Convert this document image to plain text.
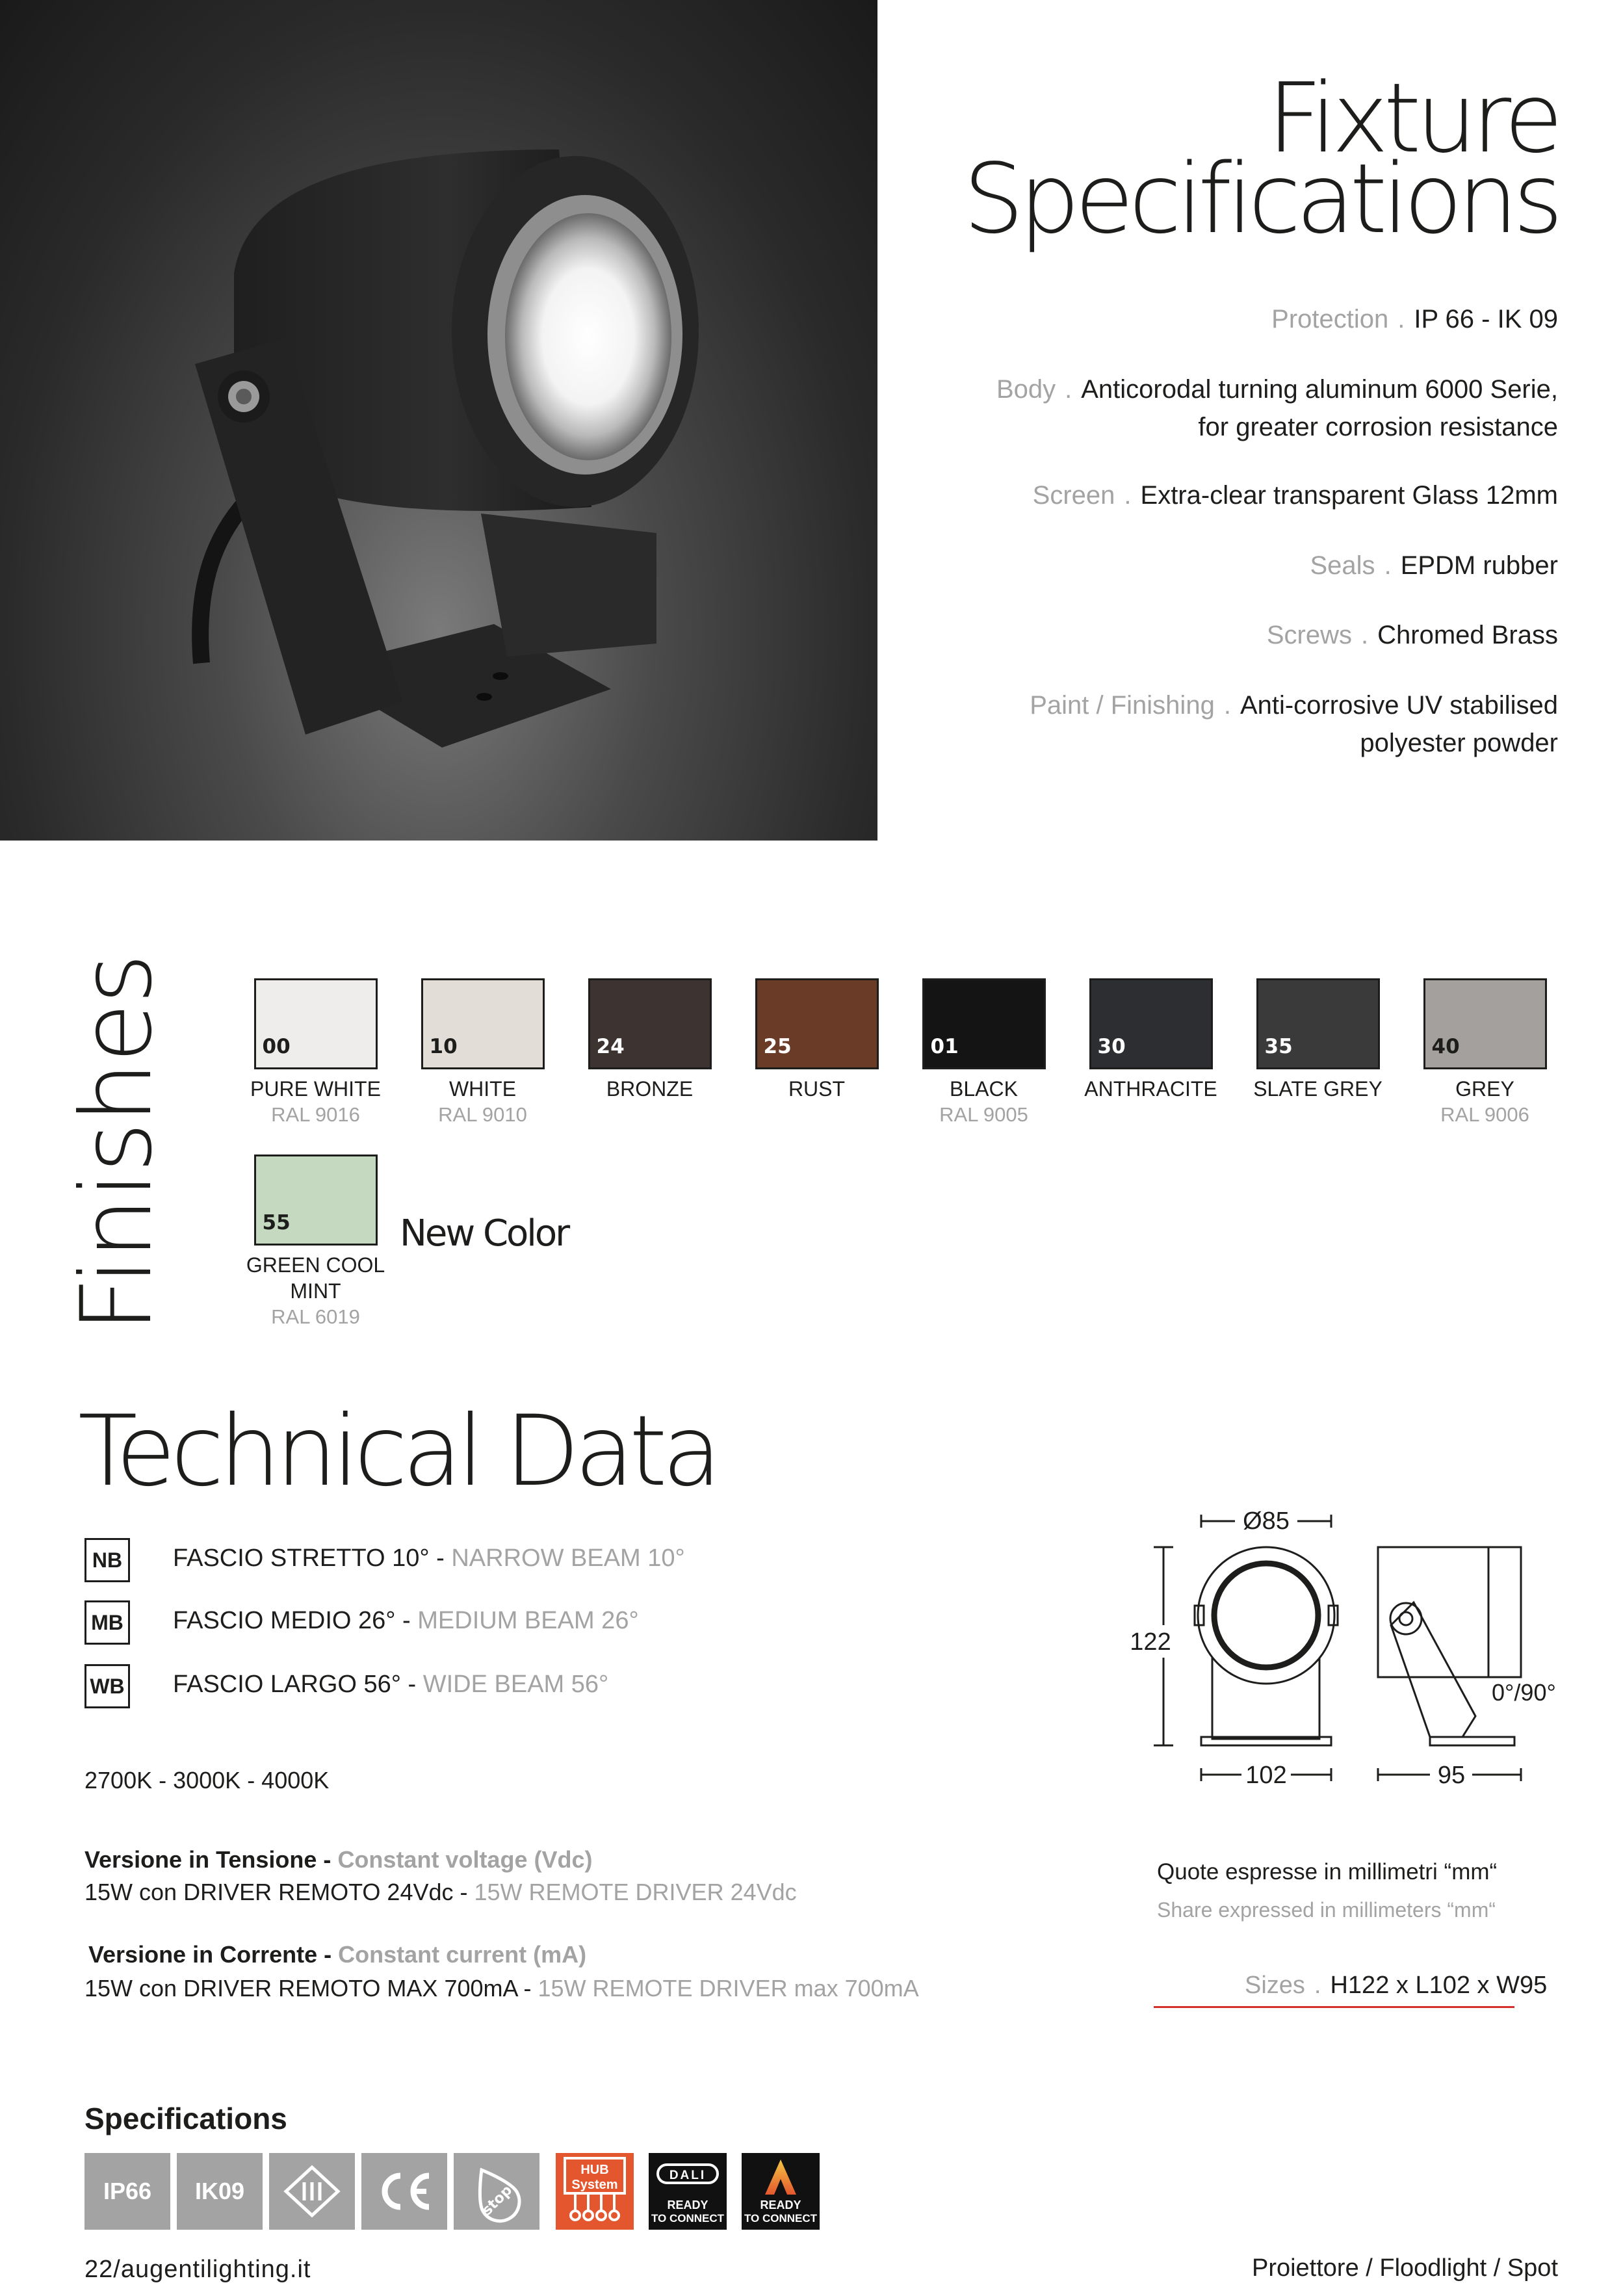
Fixture
Specifications
Protection . IP 66 - IK 09
Body . Anticorodal turning aluminum 6000 Serie,
for greater corrosion resistance
Screen . Extra-clear transparent Glass 12mm
Seals . EPDM rubber
Screws . Chromed Brass
Paint / Finishing . Anti-corrosive UV stabilised
polyester powder
Finishes	00
PURE WHITE
RAL 9016
10
WHITE
RAL 9010
24
BRONZE
25
RUST
01
BLACK
RAL 9005
30
ANTHRACITE
35
SLATE GREY
40
GREY
RAL 9006
55
GREEN COOL
MINT
RAL 6019
New Color
Technical Data
NB	FASCIO STRETTO 10° - NARROW BEAM 10°
MB FASCIO MEDIO 26° - MEDIUM BEAM 26°
WB FASCIO LARGO 56° - WIDE BEAM 56°
2700K - 3000K - 4000K
Versione in Tensione - Constant voltage (Vdc)
15W con DRIVER REMOTO 24Vdc - 15W REMOTE DRIVER 24Vdc
Versione in Corrente - Constant current (mA)
15W con DRIVER REMOTO MAX 700mA - 15W REMOTE DRIVER max 700mA
Ø85
122
102	95
0°/90°
Quote espresse in millimetri “mm“
Share expressed in millimeters “mm“
Sizes . H122 x L102 x W95
Specifications
IP66	IK09	stop
HUB
System
DALI
READY
TO CONNECT
READY
TO CONNECT
22/augentilighting.it	Proiettore / Floodlight / Spot
